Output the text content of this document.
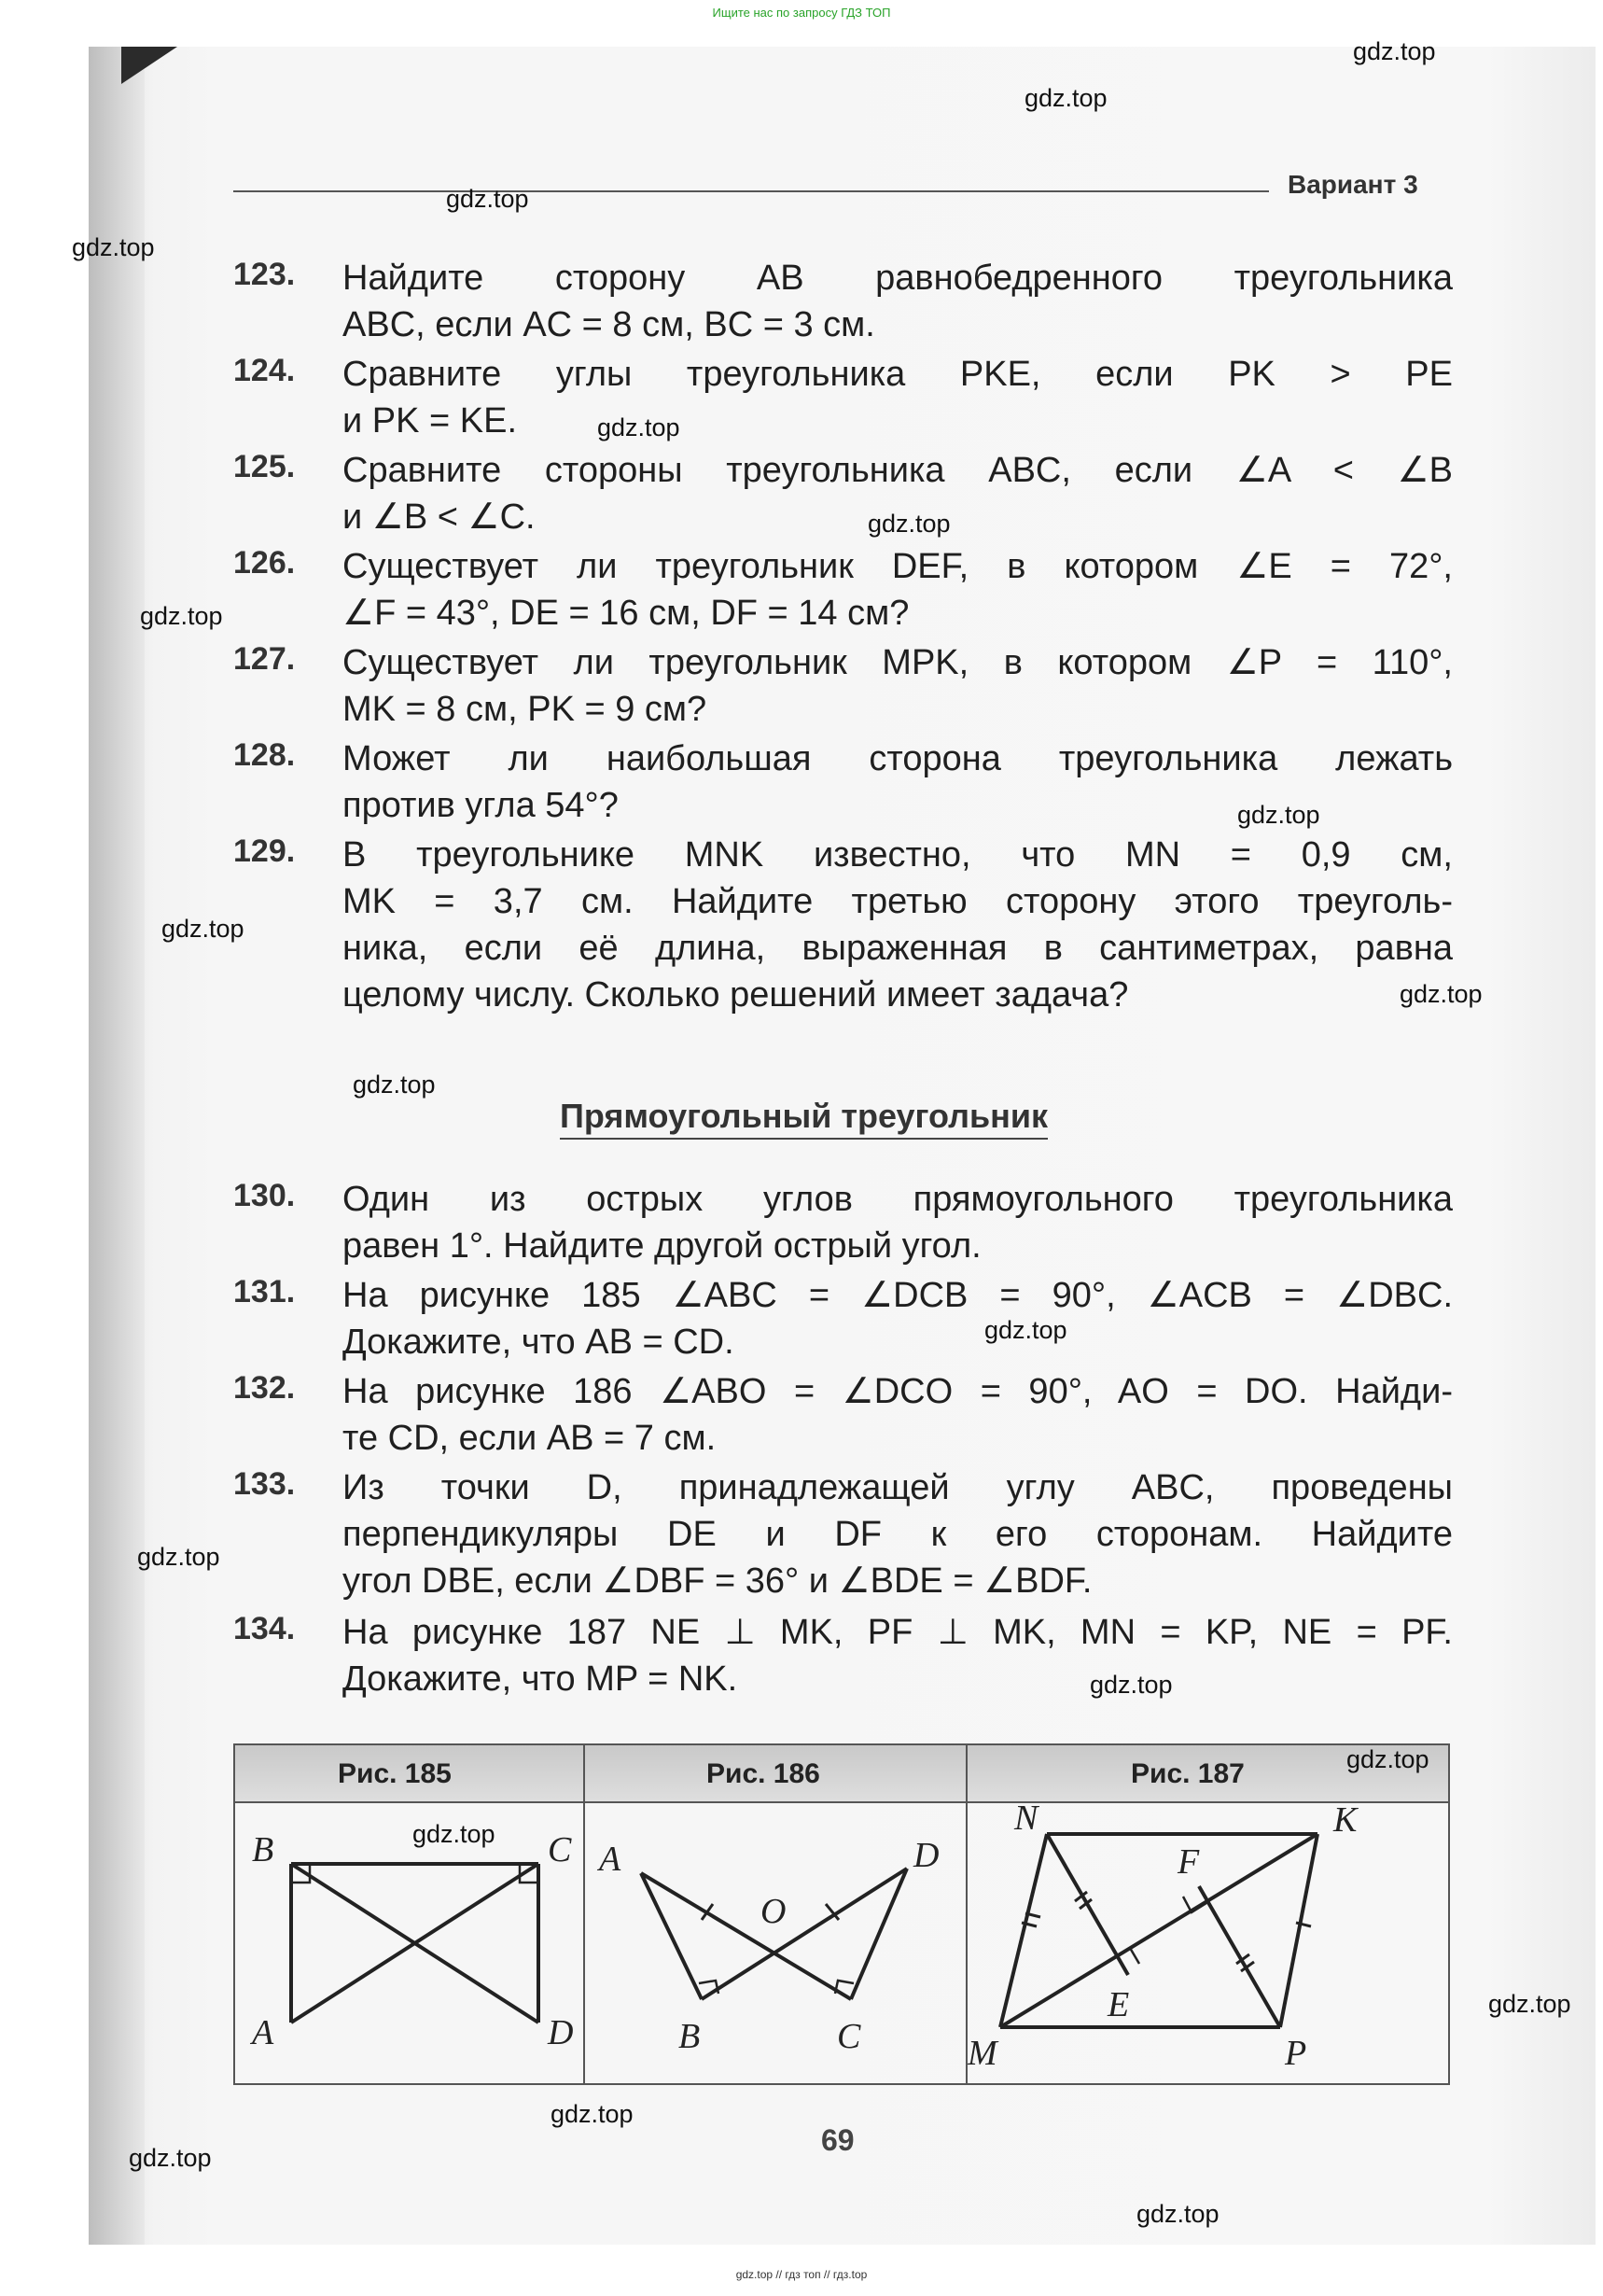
Ищите нас по запросу ГДЗ ТОП
Вариант 3
123.	Найдите сторону AB равнобедренного треугольника
ABC, если AC = 8 см, BC = 3 см.
124.	Сравните углы треугольника PKE, если PK > PE
и PK = KE.
125.	Сравните стороны треугольника ABC, если ∠A < ∠B
и ∠B < ∠C.
126.	Существует ли треугольник DEF, в котором ∠E = 72°,
∠F = 43°, DE = 16 см, DF = 14 см?
127.	Существует ли треугольник MPK, в котором ∠P = 110°,
MK = 8 см, PK = 9 см?
128.	Может ли наибольшая сторона треугольника лежать
против угла 54°?
129.	В треугольнике MNK известно, что MN = 0,9 см,
MK = 3,7 см. Найдите третью сторону этого треуголь-
ника, если её длина, выраженная в сантиметрах, равна
целому числу. Сколько решений имеет задача?
Прямоугольный треугольник
130.	Один из острых углов прямоугольного треугольника
равен 1°. Найдите другой острый угол.
131.	На рисунке 185 ∠ABC = ∠DCB = 90°, ∠ACB = ∠DBC.
Докажите, что AB = CD.
132.	На рисунке 186 ∠ABO = ∠DCO = 90°, AO = DO. Найди-
те CD, если AB = 7 см.
133.	Из точки D, принадлежащей углу ABC, проведены
перпендикуляры DE и DF к его сторонам. Найдите
угол DBE, если ∠DBF = 36° и ∠BDE = ∠BDF.
134.	На рисунке 187 NE ⊥ MK, PF ⊥ MK, MN = KP, NE = PF.
Докажите, что MP = NK.
Рис. 185	Рис. 186	Рис. 187
B	C
A	D
A	D
O
B	C
N	K
F
E
M	P
69
gdz.top
gdz.top
gdz.top
gdz.top
gdz.top
gdz.top
gdz.top
gdz.top
gdz.top
gdz.top
gdz.top
gdz.top
gdz.top
gdz.top
gdz.top
gdz.top
gdz.top
gdz.top
gdz.top
gdz.top
gdz.top // гдз топ // гдз.top
